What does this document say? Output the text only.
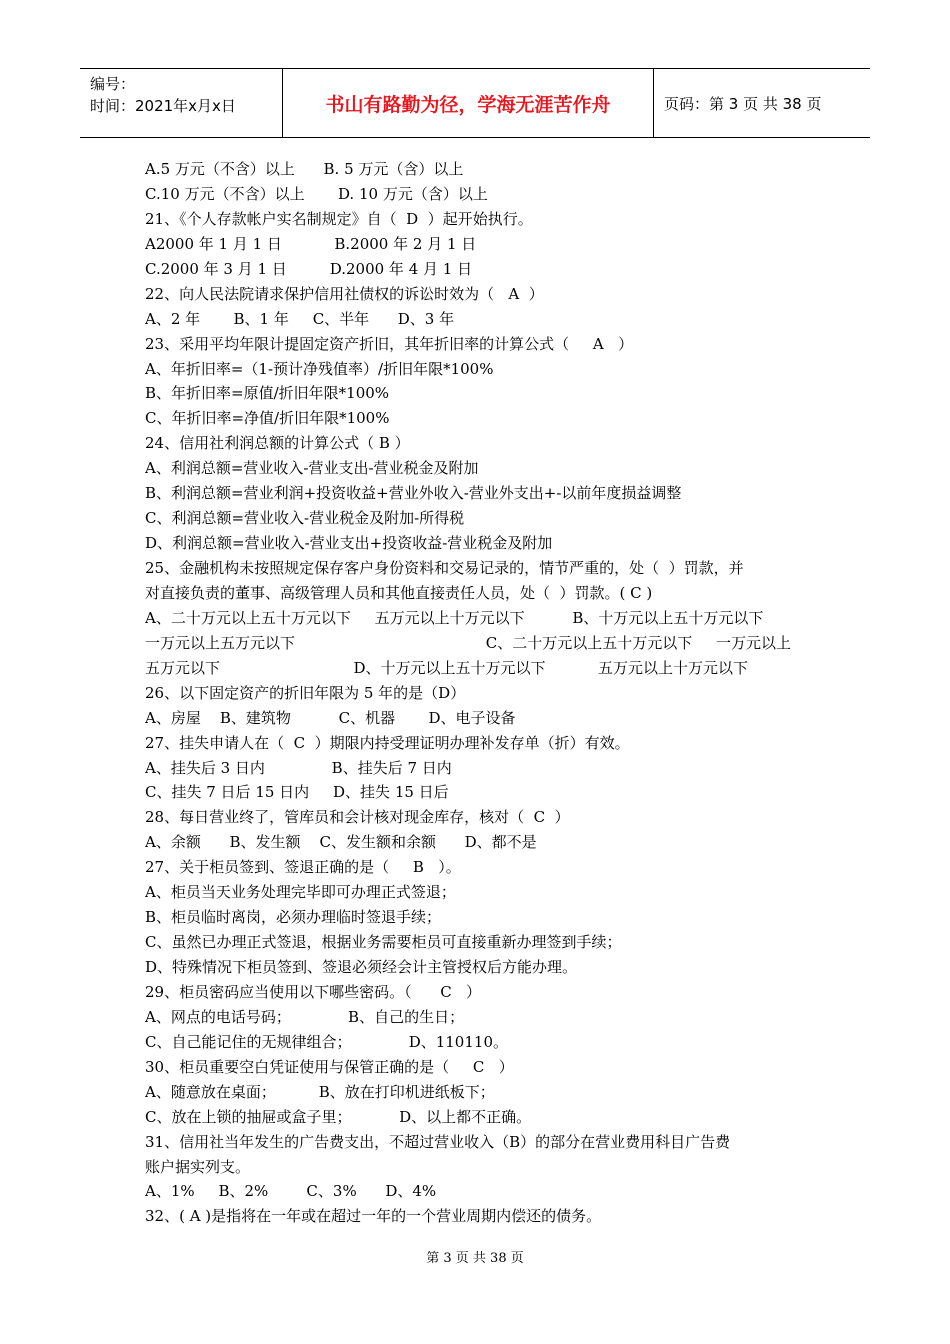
编号：
时间：2021年x月x日	书山有路勤为径，学海无涯苦作舟	页码：第 3 页 共 38 页
A.5 万元（不含）以上      B. 5 万元（含）以上
C.10 万元（不含）以上       D. 10 万元（含）以上
21、《个人存款帐户实名制规定》自（  D  ）起开始执行。
A2000 年 1 月 1 日           B.2000 年 2 月 1 日
C.2000 年 3 月 1 日         D.2000 年 4 月 1 日
22、向人民法院请求保护信用社债权的诉讼时效为（   A  ）
A、2 年       B、1 年     C、半年      D、3 年
23、采用平均年限计提固定资产折旧，其年折旧率的计算公式（     A   ）
A、年折旧率=（1-预计净残值率）/折旧年限*100%
B、年折旧率=原值/折旧年限*100%
C、年折旧率=净值/折旧年限*100%
24、信用社利润总额的计算公式（ B ）
A、利润总额=营业收入-营业支出-营业税金及附加
B、利润总额=营业利润+投资收益+营业外收入-营业外支出+-以前年度损益调整
C、利润总额=营业收入-营业税金及附加-所得税
D、利润总额=营业收入-营业支出+投资收益-营业税金及附加
25、金融机构未按照规定保存客户身份资料和交易记录的，情节严重的，处（  ）罚款，并
对直接负责的董事、高级管理人员和其他直接责任人员，处（  ）罚款。( C )
A、二十万元以上五十万元以下     五万元以上十万元以下          B、十万元以上五十万元以下
一万元以上五万元以下                                        C、二十万元以上五十万元以下     一万元以上
五万元以下                            D、十万元以上五十万元以下           五万元以上十万元以下
26、以下固定资产的折旧年限为 5 年的是（D）
A、房屋    B、建筑物          C、机器       D、电子设备
27、挂失申请人在（  C  ）期限内持受理证明办理补发存单（折）有效。
A、挂失后 3 日内              B、挂失后 7 日内
C、挂失 7 日后 15 日内     D、挂失 15 日后
28、每日营业终了，管库员和会计核对现金库存，核对（  C  ）
A、余额      B、发生额    C、发生额和余额      D、都不是
27、关于柜员签到、签退正确的是（     B   ）。
A、柜员当天业务处理完毕即可办理正式签退；
B、柜员临时离岗，必须办理临时签退手续；
C、虽然已办理正式签退，根据业务需要柜员可直接重新办理签到手续；
D、特殊情况下柜员签到、签退必须经会计主管授权后方能办理。
29、柜员密码应当使用以下哪些密码。（      C   ）
A、网点的电话号码；            B、自己的生日；
C、自己能记住的无规律组合；            D、110110。
30、柜员重要空白凭证使用与保管正确的是（     C   ）
A、随意放在桌面；         B、放在打印机进纸板下；
C、放在上锁的抽屉或盒子里；          D、以上都不正确。
31、信用社当年发生的广告费支出，不超过营业收入（B）的部分在营业费用科目广告费
账户据实列支。
A、1%     B、2%        C、3%      D、4%
32、( A )是指将在一年或在超过一年的一个营业周期内偿还的债务。
第 3 页 共 38 页
